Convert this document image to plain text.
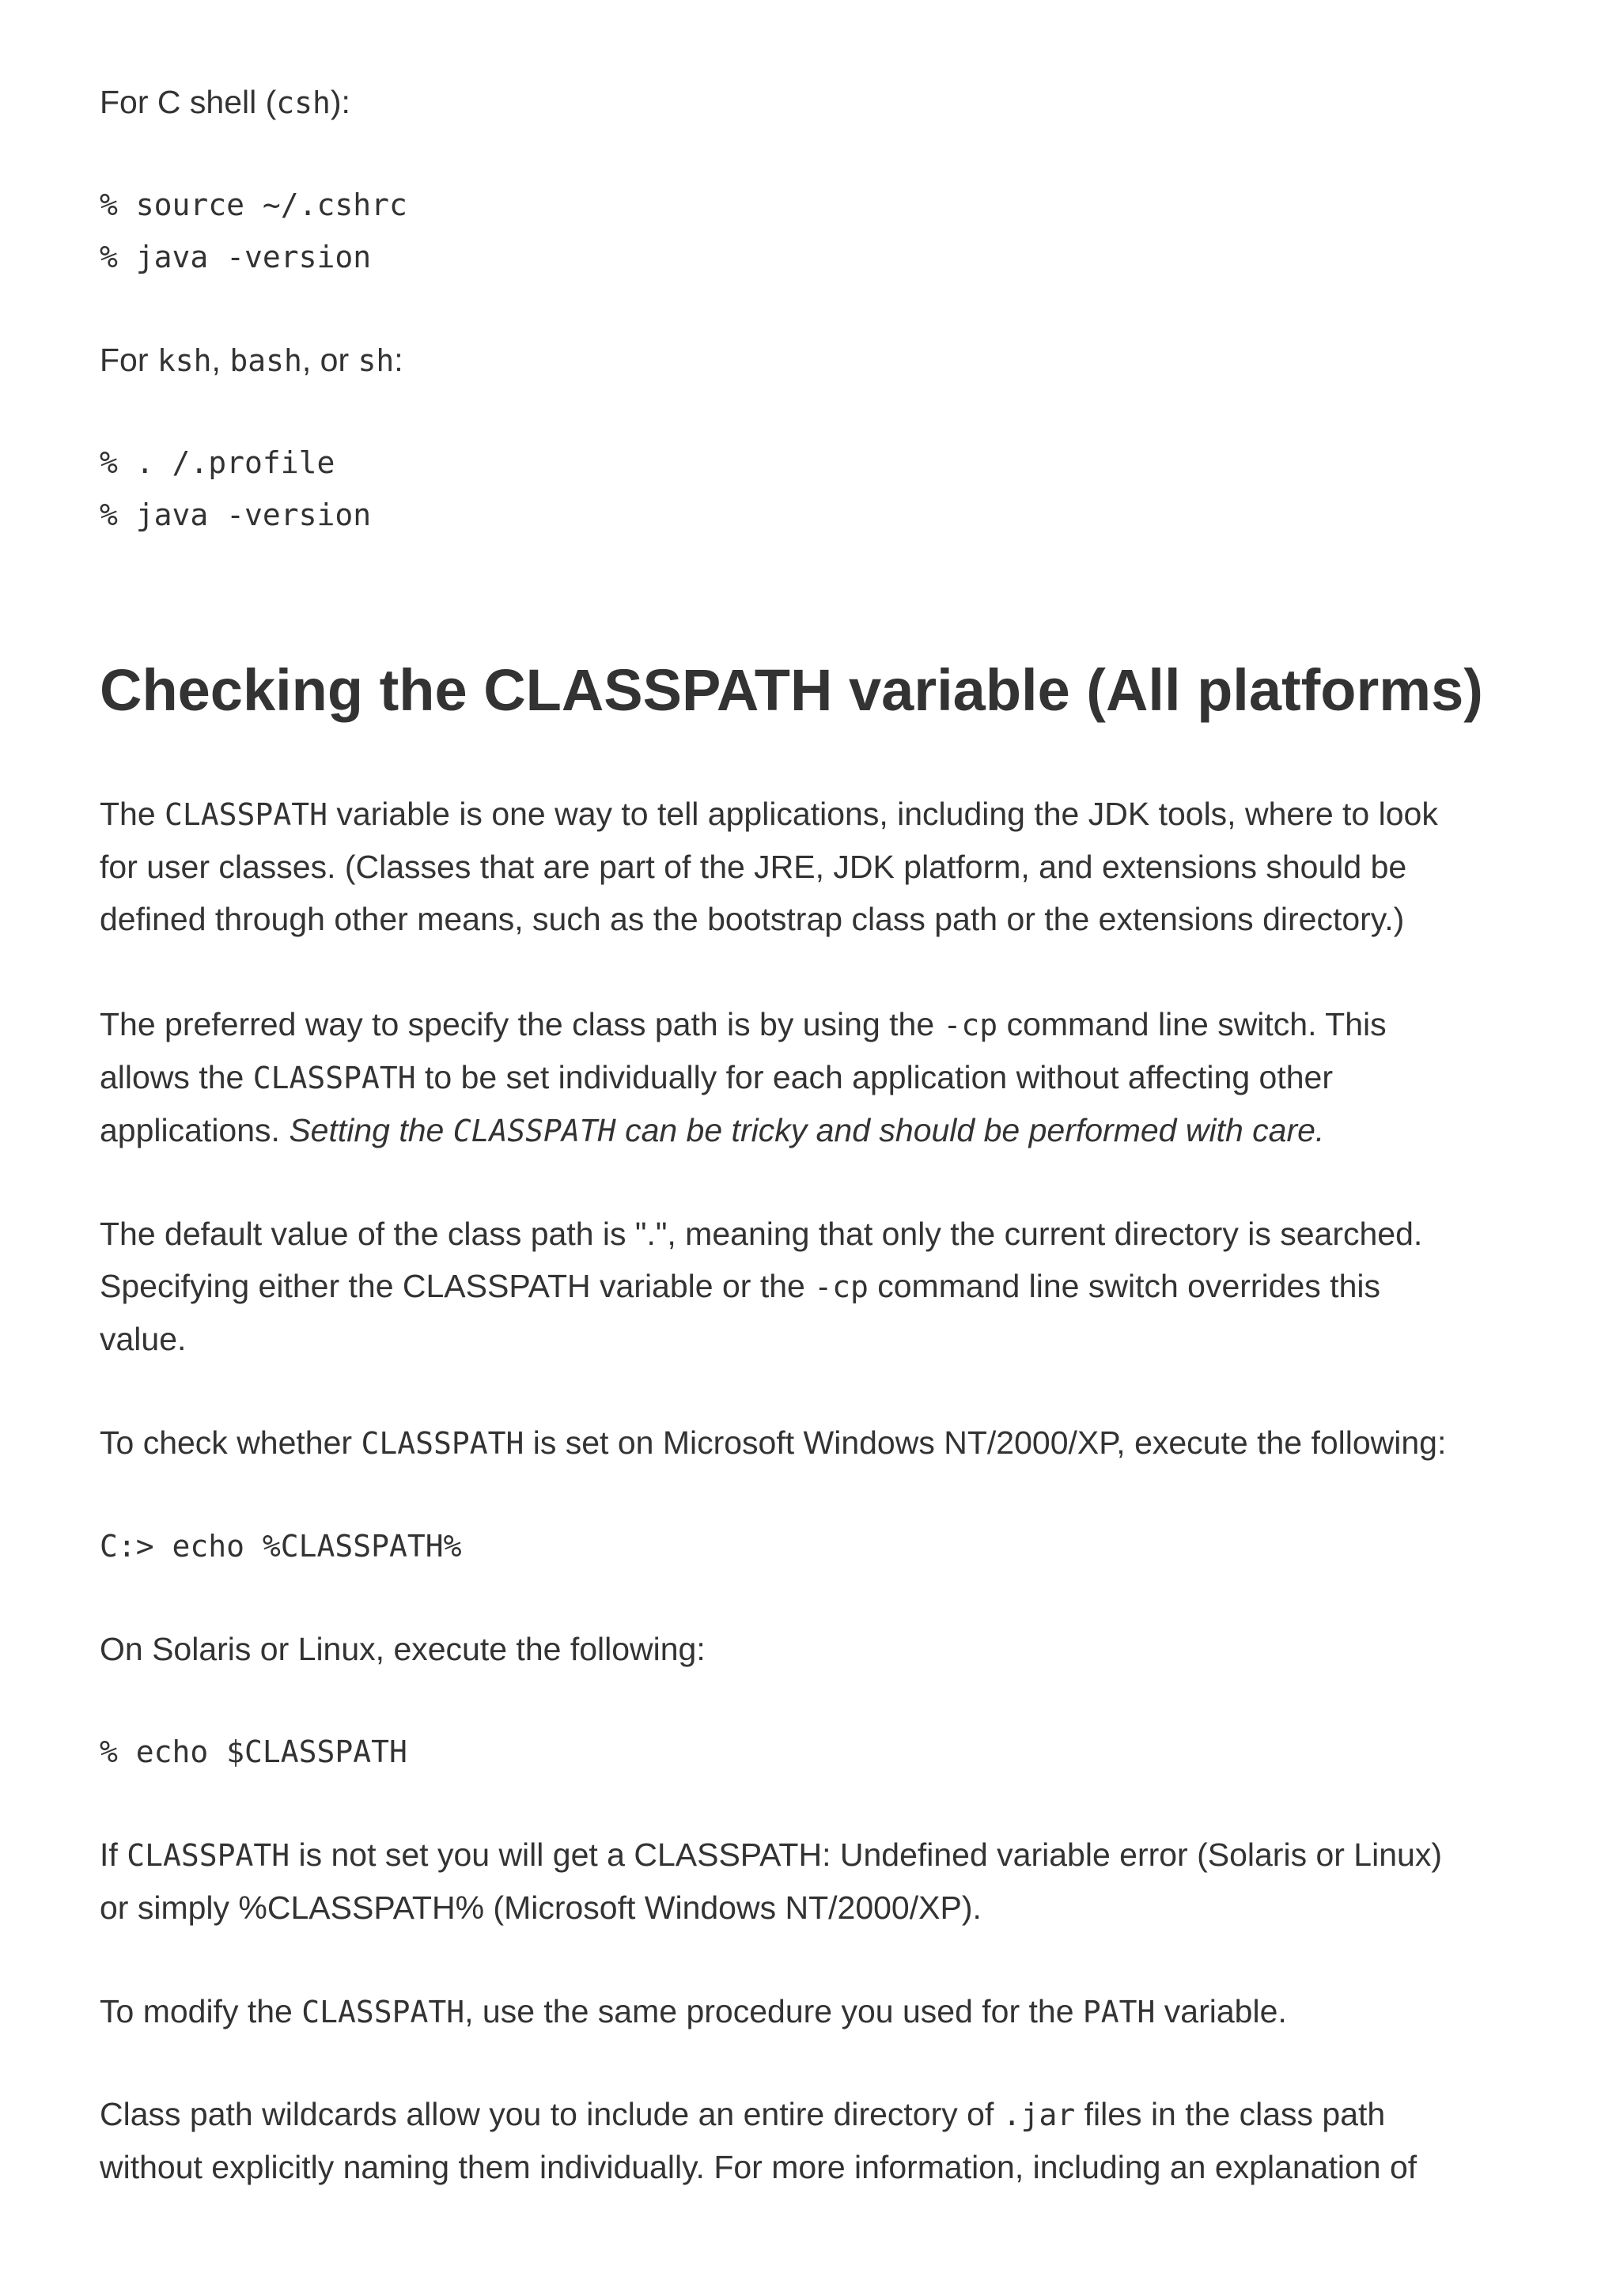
For C shell (csh):

% source ~/.cshrc
% java -version

For ksh, bash, or sh:

% . /.profile
% java -version
Checking the CLASSPATH variable (All platforms)

The CLASSPATH variable is one way to tell applications, including the JDK tools, where to look

for user classes. (Classes that are part of the JRE, JDK platform, and extensions should be

defined through other means, such as the bootstrap class path or the extensions directory.)

The preferred way to specify the class path is by using the -cp command line switch. This

allows the CLASSPATH to be set individually for each application without affecting other

applications. Setting the CLASSPATH can be tricky and should be performed with care.

The default value of the class path is ".", meaning that only the current directory is searched.

Specifying either the CLASSPATH variable or the -cp command line switch overrides this

value.

To check whether CLASSPATH is set on Microsoft Windows NT/2000/XP, execute the following:

C:> echo %CLASSPATH%

On Solaris or Linux, execute the following:

% echo $CLASSPATH

If CLASSPATH is not set you will get a CLASSPATH: Undefined variable error (Solaris or Linux)

or simply %CLASSPATH% (Microsoft Windows NT/2000/XP).

To modify the CLASSPATH, use the same procedure you used for the PATH variable.

Class path wildcards allow you to include an entire directory of .jar files in the class path

without explicitly naming them individually. For more information, including an explanation of
